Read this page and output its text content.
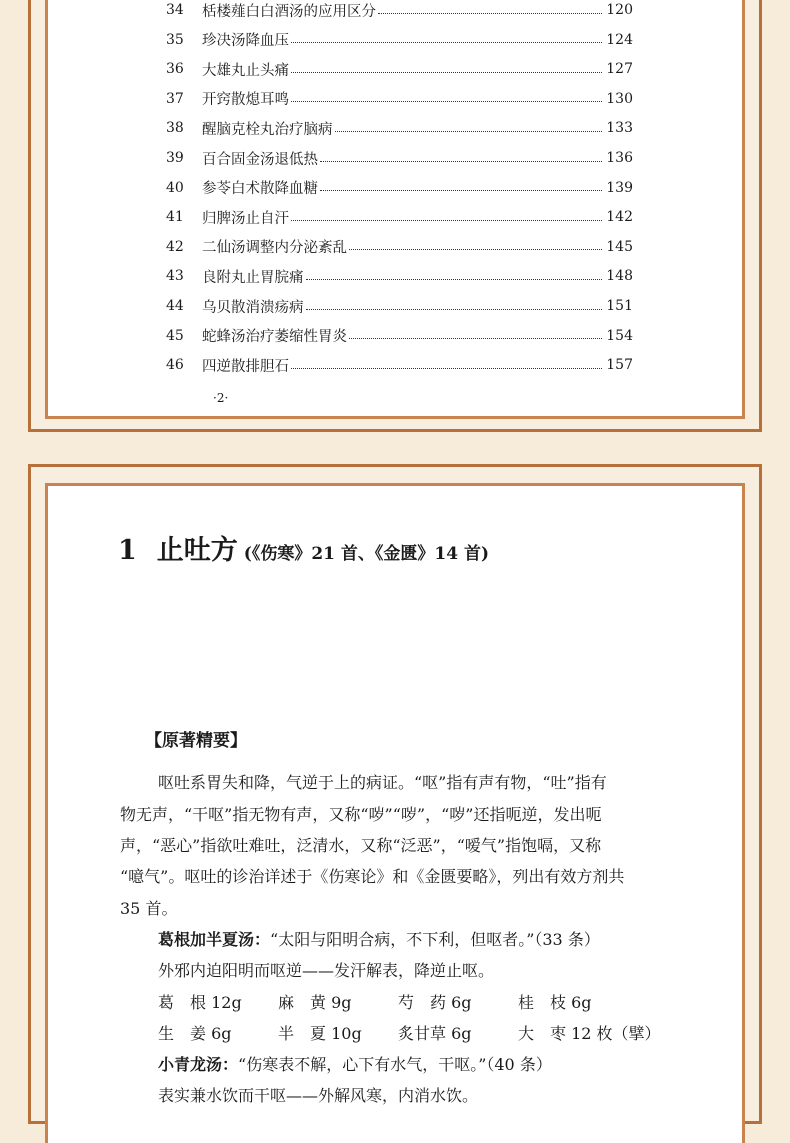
34	栝楼薤白白酒汤的应用区分	120
35	珍决汤降血压	124
36	大雄丸止头痛	127
37	开窍散熄耳鸣	130
38	醒脑克栓丸治疗脑病	133
39	百合固金汤退低热	136
40	参苓白术散降血糖	139
41	归脾汤止自汗	142
42	二仙汤调整内分泌紊乱	145
43	良附丸止胃脘痛	148
44	乌贝散消溃疡病	151
45	蛇蜂汤治疗萎缩性胃炎	154
46	四逆散排胆石	157
·2·
1 止吐方 (《伤寒》21 首、《金匮》14 首)
【原著精要】
呕吐系胃失和降，气逆于上的病证。“呕”指有声有物，“吐”指有
物无声，“干呕”指无物有声，又称“哕”“哕”，“哕”还指呃逆，发出呃
声，“恶心”指欲吐难吐，泛清水，又称“泛恶”，“嗳气”指饱嗝，又称
“噫气”。呕吐的诊治详述于《伤寒论》和《金匮要略》，列出有效方剂共
35 首。
葛根加半夏汤：“太阳与阳明合病，不下利，但呕者。”（33 条）
外邪内迫阳明而呕逆——发汗解表，降逆止呕。
葛　根 12g	麻　黄 9g	芍　药 6g	桂　枝 6g
生　姜 6g	半　夏 10g	炙甘草 6g	大　枣 12 枚（擘）
小青龙汤：“伤寒表不解，心下有水气，干呕。”（40 条）
表实兼水饮而干呕——外解风寒，内消水饮。
